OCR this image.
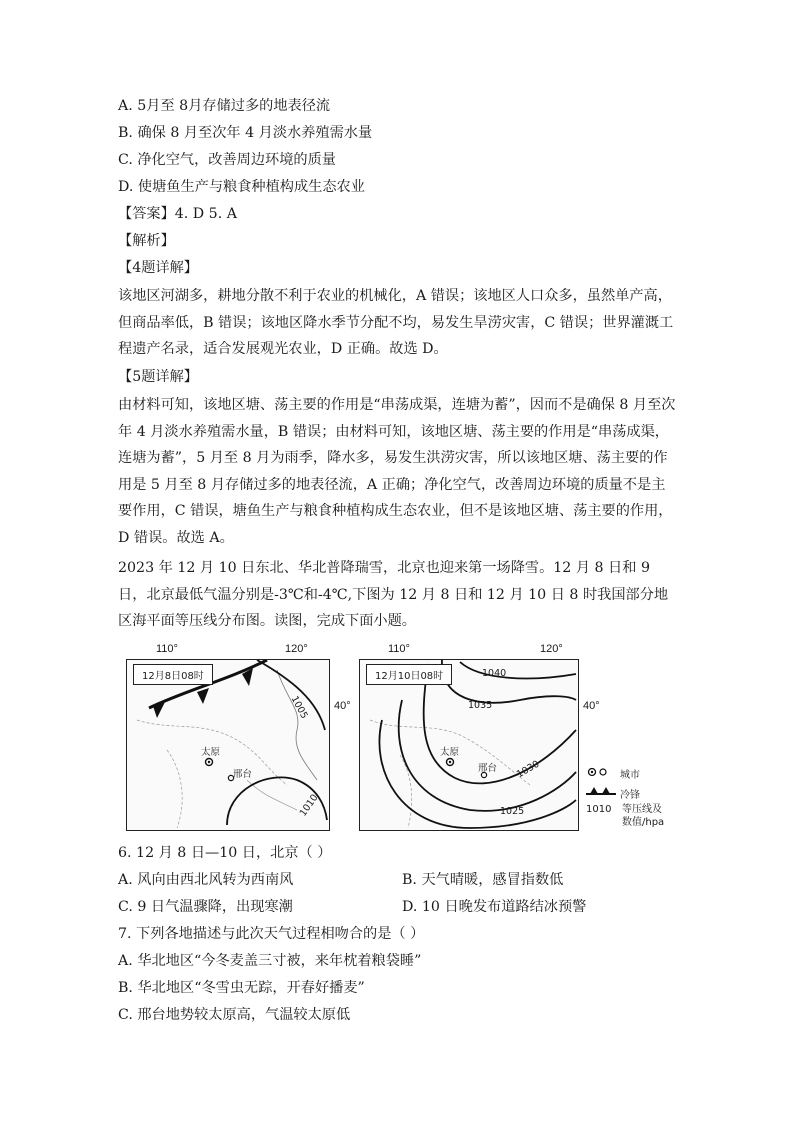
A. 5月至 8月存储过多的地表径流
B. 确保 8 月至次年 4 月淡水养殖需水量
C. 净化空气，改善周边环境的质量
D. 使塘鱼生产与粮食种植构成生态农业
【答案】4. D 5. A
【解析】
【4题详解】
该地区河湖多，耕地分散不利于农业的机械化，A 错误；该地区人口众多，虽然单产高，但商品率低，B 错误；该地区降水季节分配不均，易发生旱涝灾害，C 错误；世界灌溉工程遗产名录，适合发展观光农业，D 正确。故选 D。
【5题详解】
由材料可知，该地区塘、荡主要的作用是“串荡成渠，连塘为蓄”，因而不是确保 8 月至次年 4 月淡水养殖需水量，B 错误；由材料可知，该地区塘、荡主要的作用是“串荡成渠，连塘为蓄”，5 月至 8 月为雨季，降水多，易发生洪涝灾害，所以该地区塘、荡主要的作用是 5 月至 8 月存储过多的地表径流，A 正确；净化空气，改善周边环境的质量不是主要作用，C 错误，塘鱼生产与粮食种植构成生态农业，但不是该地区塘、荡主要的作用，D 错误。故选 A。
2023 年 12 月 10 日东北、华北普降瑞雪，北京也迎来第一场降雪。12 月 8 日和 9 日，北京最低气温分别是-3℃和-4℃,下图为 12 月 8 日和 12 月 10 日 8 时我国部分地区海平面等压线分布图。读图，完成下面小题。
110°	120°
40°
12月8日08时
太原
邢台
1005
1010
110°	120°
40°
12月10日08时
太原
邢台
1040
1035
1030
1025
城市
冷锋
1010 等压线及
数值/hpa
6. 12 月 8 日—10 日，北京（ ）
A. 风向由西北风转为西南风	B. 天气晴暖，感冒指数低
C. 9 日气温骤降，出现寒潮	D. 10 日晚发布道路结冰预警
7. 下列各地描述与此次天气过程相吻合的是（ ）
A. 华北地区“今冬麦盖三寸被，来年枕着粮袋睡”
B. 华北地区“冬雪虫无踪，开春好播麦”
C. 邢台地势较太原高，气温较太原低
